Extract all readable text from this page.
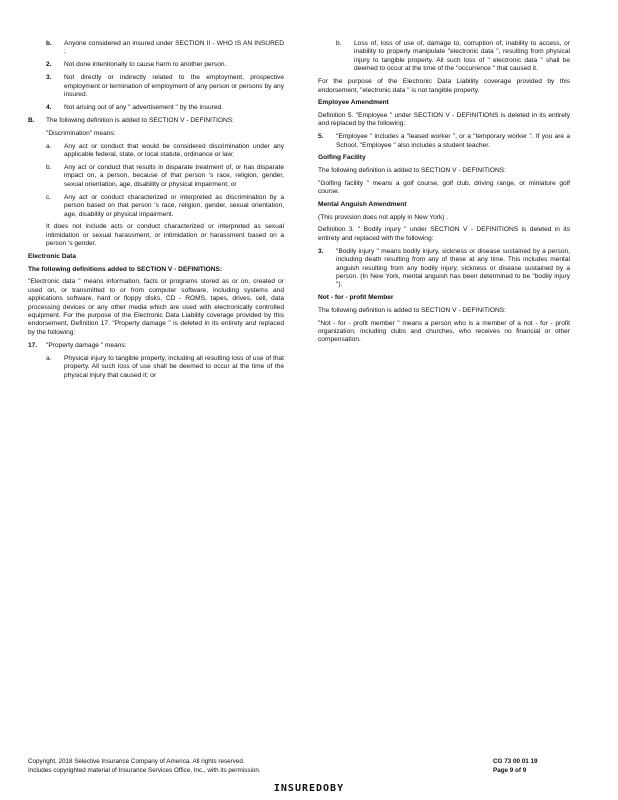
b. Anyone considered an insured under SECTION II - WHO IS AN INSURED ;

2. Not done intentionally to cause harm to another person.

3. Not directly or indirectly related to the employment, prospective employment or termination of employment of any person or persons by any insured.

4. Not arising out of any " advertisement " by the insured.

B. The following definition is added to SECTION V - DEFINITIONS:

"Discrimination" means:

a. Any act or conduct that would be considered discrimination under any applicable federal, state, or local statute, ordinance or law;

b. Any act or conduct that results in disparate treatment of, or has disparate impact on, a person, because of that person 's race, religion, gender, sexual orientation, age, disability or physical impairment; or

c. Any act or conduct characterized or interpreted as discrimination by a person based on that person 's race, religion, gender, sexual orientation, age, disability or physical impairment.

It does not include acts or conduct characterized or interpreted as sexual intimidation or sexual harassment, or intimidation or harassment based on a person 's gender.

Electronic Data

The following definitions added to SECTION V - DEFINITIONS:

"Electronic data " means information, facts or programs stored as or on, created or used on, or transmitted to or from computer software, including systems and applications software, hard or floppy disks, CD - ROMS, tapes, drives, cell, data processing devices or any other media which are used with electronically controlled equipment. For the purpose of the Electronic Data Liability coverage provided by this endorsement, Definition 17. "Property damage " is deleted in its entirety and replaced by the following:

17. "Property damage " means:

a. Physical injury to tangible property, including all resulting loss of use of that property. All such loss of use shall be deemed to occur at the time of the physical injury that caused it; or

b. Loss of, loss of use of, damage to, corruption of, inability to access, or inability to properly manipulate "electronic data ", resulting from physical injury to tangible property. All such loss of " electronic data " shall be deemed to occur at the time of the "occurrence " that caused it.

For the purpose of the Electronic Data Liability coverage provided by this endorsement, "electronic data " is not tangible property.

Employee Amendment

Definition 5. "Employee " under SECTION V - DEFINITIONS is deleted in its entirety and replaced by the following:

5. "Employee " includes a "leased worker ", or a "temporary worker ". If you are a School, "Employee " also includes a student teacher.

Golfing Facility

The following definition is added to SECTION V - DEFINITIONS:

"Golfing facility " means a golf course, golf club, driving range, or miniature golf course.

Mental Anguish Amendment

(This provision does not apply in New York) .

Definition 3. " Bodily injury " under SECTION V - DEFINITIONS is deleted in its entirety and replaced with the following:

3. "Bodily injury " means bodily injury, sickness or disease sustained by a person, including death resulting from any of these at any time. This includes mental anguish resulting from any bodily injury, sickness or disease sustained by a person. (In New York, mental anguish has been determined to be "bodily injury ").

Not - for - profit Member

The following definition is added to SECTION V - DEFINITIONS:

"Not - for - profit member " means a person who is a member of a not - for - profit organization, including clubs and churches, who receives no financial or other compensation.

Copyright, 2018 Selective Insurance Company of America. All rights reserved.

Includes copyrighted material of Insurance Services Office, Inc., with its permission.

CG 73 00 01 19

Page 9 of 9

INSUREDOBY
